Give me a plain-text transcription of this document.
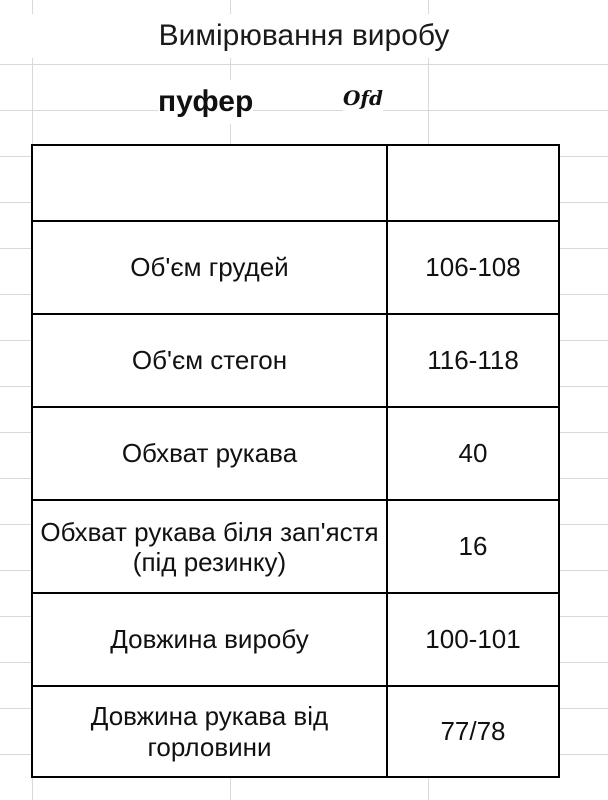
Вимірювання виробу
пуфер	Ofd

Об'єм грудей	106-108
Об'єм стегон	116-118
Обхват рукава	40
Обхват рукава біля зап'ястя (під резинку)	16
Довжина виробу	100-101
Довжина рукава від горловини	77/78
